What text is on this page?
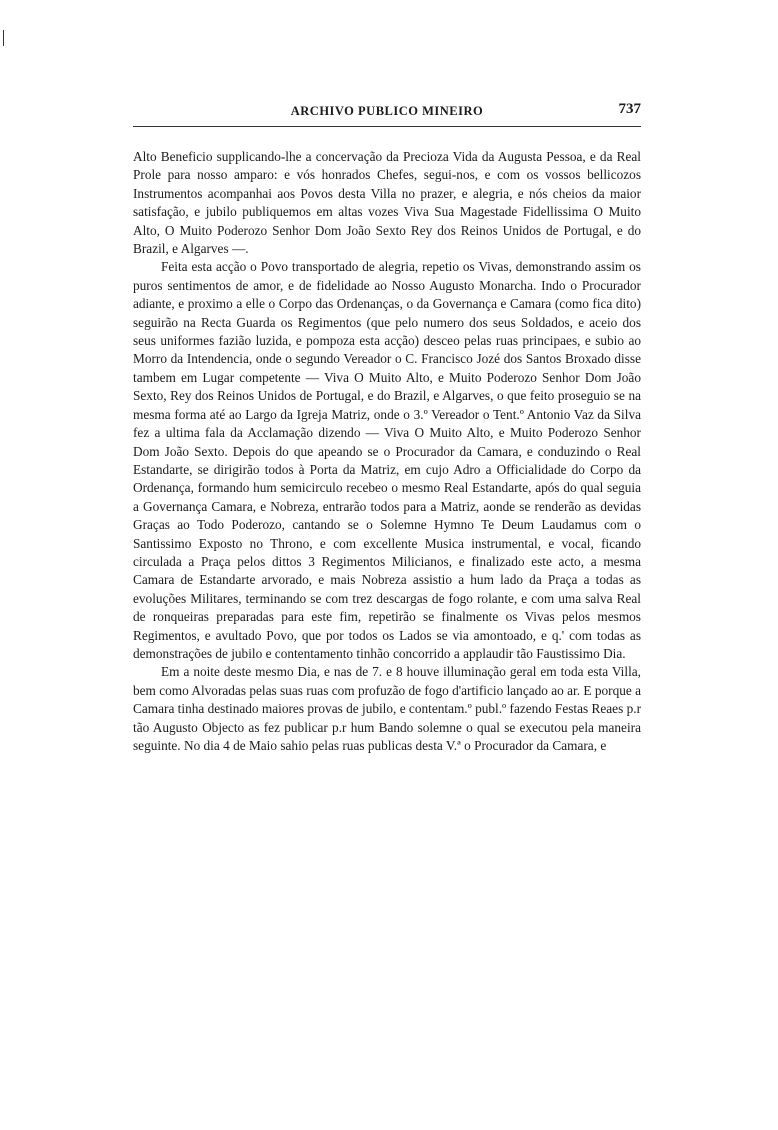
ARCHIVO PUBLICO MINEIRO	737

Alto Beneficio supplicando-lhe a concervação da Precioza Vida da Augusta Pessoa, e da Real Prole para nosso amparo: e vós honrados Chefes, segui-nos, e com os vossos bellicozos Instrumentos acompanhai aos Povos desta Villa no prazer, e alegria, e nós cheios da maior satisfação, e jubilo publiquemos em altas vozes Viva Sua Magestade Fidellissima O Muito Alto, O Muito Poderozo Senhor Dom João Sexto Rey dos Reinos Unidos de Portugal, e do Brazil, e Algarves —.

Feita esta acção o Povo transportado de alegria, repetio os Vivas, demonstrando assim os puros sentimentos de amor, e de fidelidade ao Nosso Augusto Monarcha. Indo o Procurador adiante, e proximo a elle o Corpo das Ordenanças, o da Governança e Camara (como fica dito) seguirão na Recta Guarda os Regimentos (que pelo numero dos seus Soldados, e aceio dos seus uniformes fazião luzida, e pompoza esta acção) desceo pelas ruas principaes, e subio ao Morro da Intendencia, onde o segundo Vereador o C. Francisco Jozé dos Santos Broxado disse tambem em Lugar competente — Viva O Muito Alto, e Muito Poderozo Senhor Dom João Sexto, Rey dos Reinos Unidos de Portugal, e do Brazil, e Algarves, o que feito proseguio se na mesma forma até ao Largo da Igreja Matriz, onde o 3.º Vereador o Tent.º Antonio Vaz da Silva fez a ultima fala da Acclamação dizendo — Viva O Muito Alto, e Muito Poderozo Senhor Dom João Sexto. Depois do que apeando se o Procurador da Camara, e conduzindo o Real Estandarte, se dirigirão todos à Porta da Matriz, em cujo Adro a Officialidade do Corpo da Ordenança, formando hum semicirculo recebeo o mesmo Real Estandarte, após do qual seguia a Governança Camara, e Nobreza, entrarão todos para a Matriz, aonde se renderão as devidas Graças ao Todo Poderozo, cantando se o Solemne Hymno Te Deum Laudamus com o Santissimo Exposto no Throno, e com excellente Musica instrumental, e vocal, ficando circulada a Praça pelos dittos 3 Regimentos Milicianos, e finalizado este acto, a mesma Camara de Estandarte arvorado, e mais Nobreza assistio a hum lado da Praça a todas as evoluções Militares, terminando se com trez descargas de fogo rolante, e com uma salva Real de ronqueiras preparadas para este fim, repetirão se finalmente os Vivas pelos mesmos Regimentos, e avultado Povo, que por todos os Lados se via amontoado, e q.' com todas as demonstrações de jubilo e contentamento tinhão concorrido a applaudir tão Faustissimo Dia.

Em a noite deste mesmo Dia, e nas de 7. e 8 houve illuminação geral em toda esta Villa, bem como Alvoradas pelas suas ruas com profuzão de fogo d'artificio lançado ao ar. E porque a Camara tinha destinado maiores provas de jubilo, e contentam.º publ.º fazendo Festas Reaes p.r tão Augusto Objecto as fez publicar p.r hum Bando solemne o qual se executou pela maneira seguinte. No dia 4 de Maio sahio pelas ruas publicas desta V.ª o Procurador da Camara, e
